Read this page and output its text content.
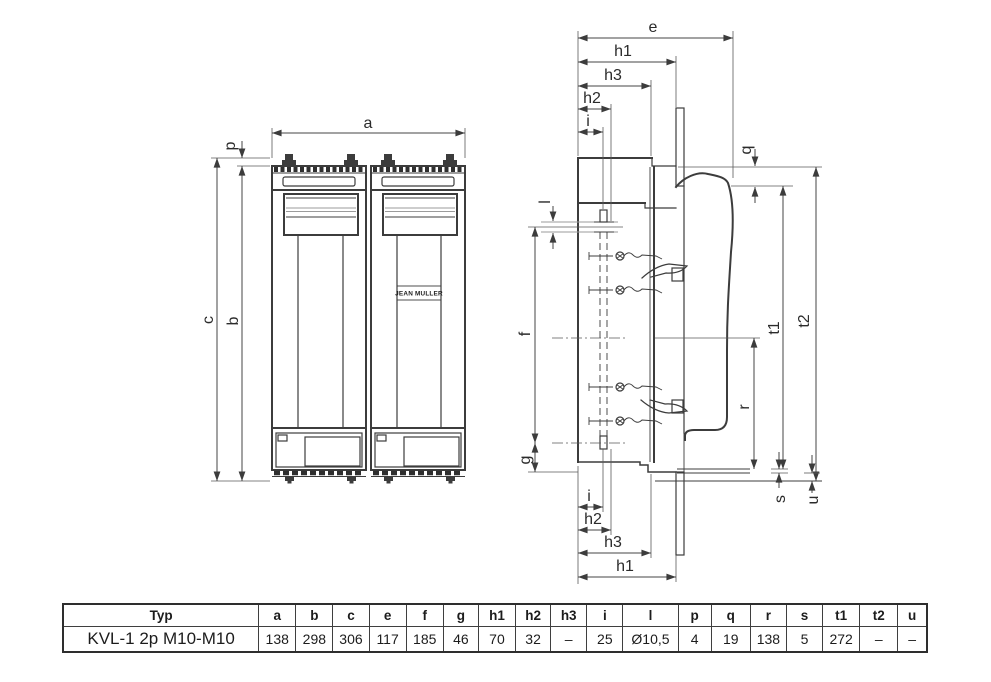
JEAN MULLER
a
p
c b
e
h1
h3
h2
i
l
f
g
q
t1
t2
r
s u
i
h2
h3
h1
Typ	a	b	c	e	f	g	h1	h2	h3	i	l	p	q	r	s	t1	t2	u
KVL-1 2p M10-M10	138	298	306	117	185	46	70	32	–	25	Ø10,5	4	19	138	5	272	–	–
